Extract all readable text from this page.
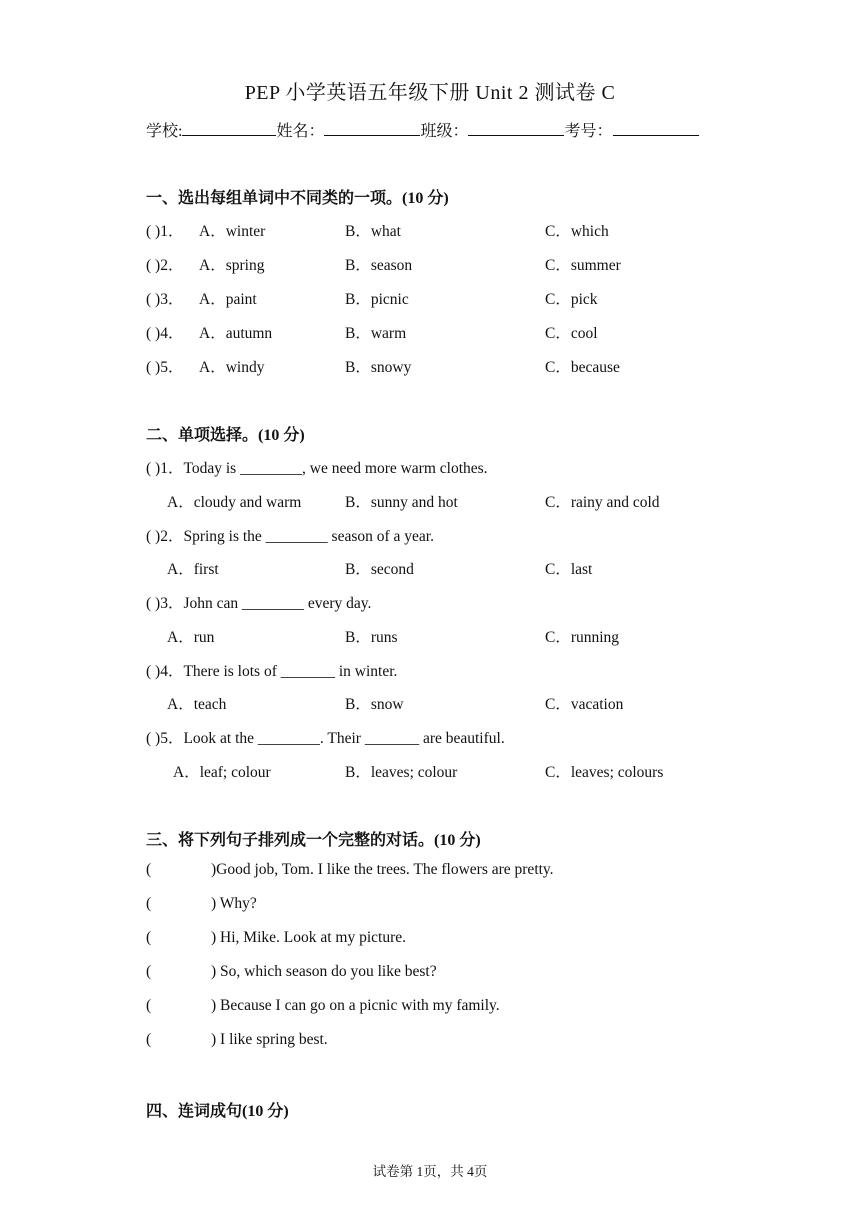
PEP 小学英语五年级下册 Unit 2 测试卷 C
学校:	姓名：	班级：	考号：
一、选出每组单词中不同类的一项。(10 分)
( )1． A．winter	B．what	C．which
( )2． A．spring	B．season	C．summer
( )3． A．paint	B．picnic	C．pick
( )4． A．autumn	B．warm	C．cool
( )5． A．windy	B．snowy	C．because
二、单项选择。(10 分)
( )1．Today is ________, we need more warm clothes.
A．cloudy and warm	B．sunny and hot	C．rainy and cold
( )2．Spring is the ________ season of a year.
A．first	B．second	C．last
( )3．John can ________ every day.
A．run	B．runs	C．running
( )4．There is lots of _______ in winter.
A．teach	B．snow	C．vacation
( )5．Look at the ________. Their _______ are beautiful.
A．leaf; colour	B．leaves; colour	C．leaves; colours
三、将下列句子排列成一个完整的对话。(10 分)
(	)Good job, Tom. I like the trees. The flowers are pretty.
(	) Why?
(	) Hi, Mike. Look at my picture.
(	) So, which season do you like best?
(	) Because I can go on a picnic with my family.
(	) I like spring best.
四、连词成句(10 分)
试卷第 1页，共 4页
